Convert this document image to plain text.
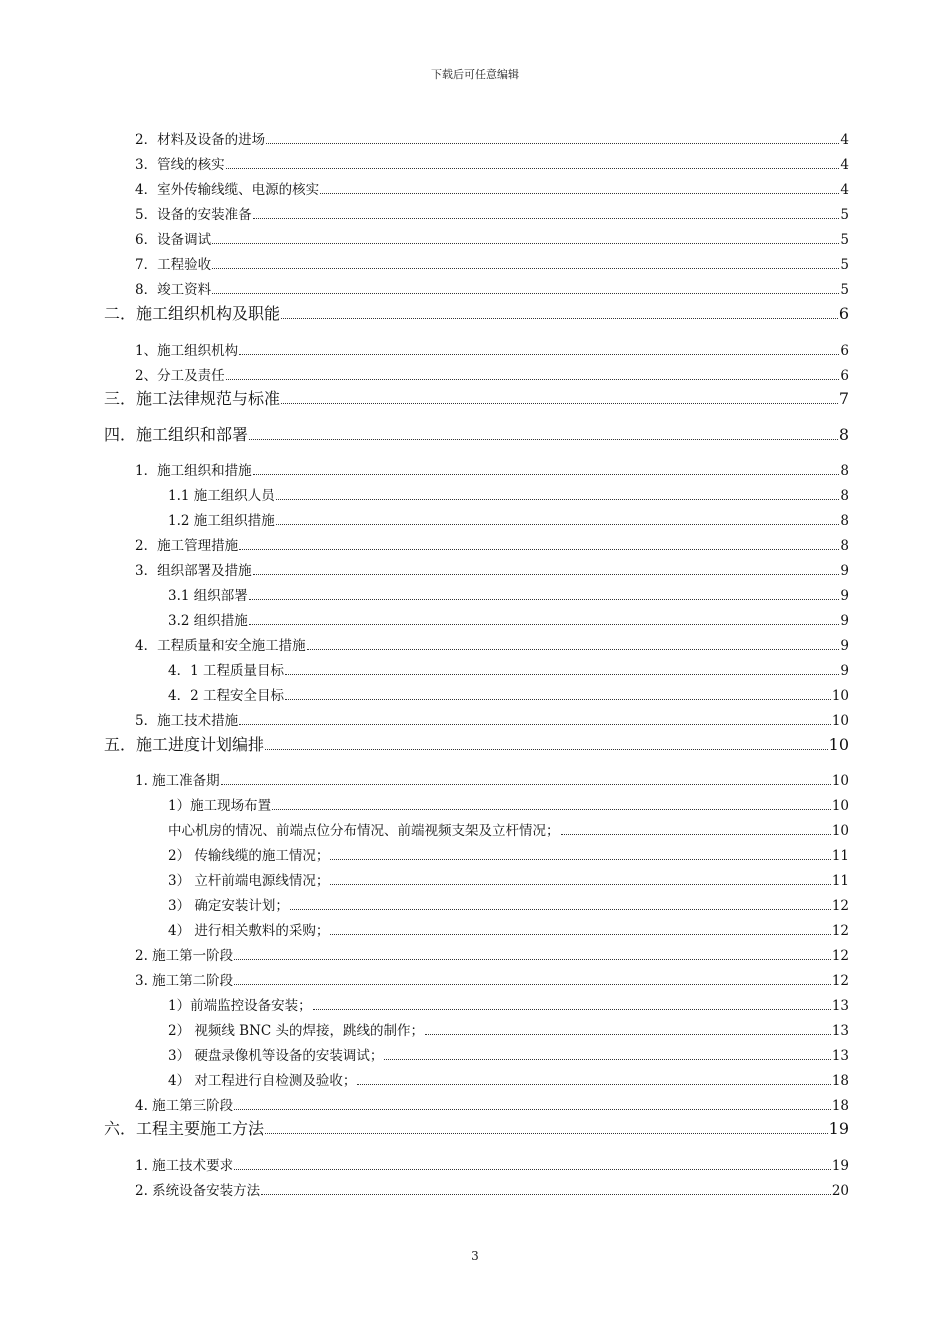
下载后可任意编辑
2．材料及设备的进场	4
3．管线的核实	4
4．室外传输线缆、电源的核实	4
5．设备的安装准备	5
6．设备调试	5
7．工程验收	5
8．竣工资料	5
二．施工组织机构及职能	6
1、施工组织机构	6
2、分工及责任	6
三．施工法律规范与标准	7
四．施工组织和部署	8
1．施工组织和措施	8
1.1 施工组织人员	8
1.2 施工组织措施	8
2．施工管理措施	8
3．组织部署及措施	9
3.1 组织部署	9
3.2 组织措施	9
4．工程质量和安全施工措施	9
4．1 工程质量目标	9
4．2 工程安全目标	10
5．施工技术措施	10
五．施工进度计划编排	10
1. 施工准备期	10
1）施工现场布置	10
中心机房的情况、前端点位分布情况、前端视频支架及立杆情况；	10
2） 传输线缆的施工情况；	11
3） 立杆前端电源线情况；	11
3） 确定安装计划；	12
4） 进行相关敷料的采购；	12
2. 施工第一阶段	12
3. 施工第二阶段	12
1）前端监控设备安装；	13
2） 视频线 BNC 头的焊接，跳线的制作；	13
3） 硬盘录像机等设备的安装调试；	13
4） 对工程进行自检测及验收；	18
4. 施工第三阶段	18
六．工程主要施工方法	19
1. 施工技术要求	19
2. 系统设备安装方法	20
3
